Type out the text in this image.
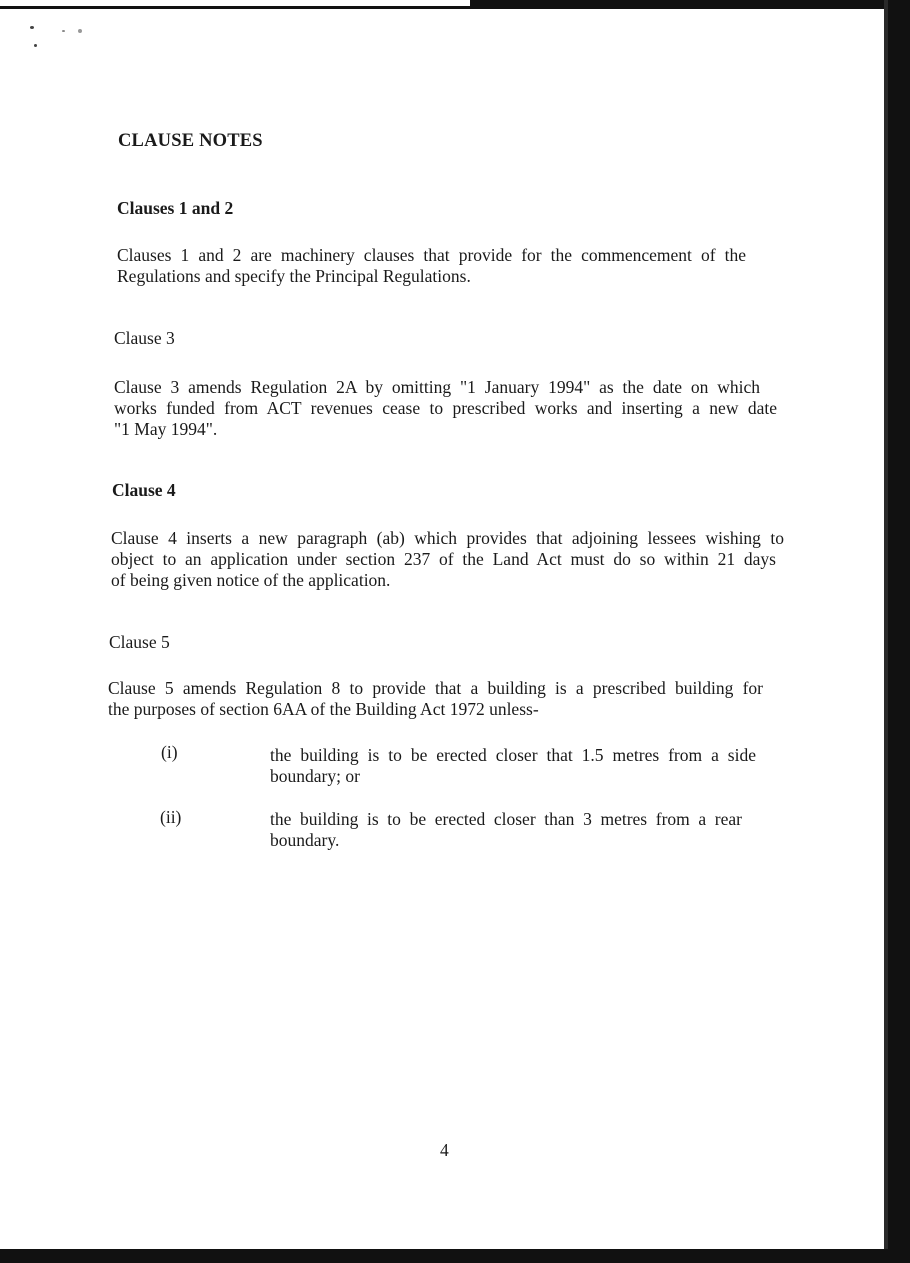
CLAUSE NOTES
Clauses 1 and 2
Clauses 1 and 2 are machinery clauses that provide for the commencement of the
Regulations and specify the Principal Regulations.
Clause 3
Clause 3 amends Regulation 2A by omitting "1 January 1994" as the date on which
works funded from ACT revenues cease to prescribed works and inserting a new date
"1 May 1994".
Clause 4
Clause 4 inserts a new paragraph (ab) which provides that adjoining lessees wishing to
object to an application under section 237 of the Land Act must do so within 21 days
of being given notice of the application.
Clause 5
Clause 5 amends Regulation 8 to provide that a building is a prescribed building for
the purposes of section 6AA of the Building Act 1972 unless-
(i)	the building is to be erected closer that 1.5 metres from a side
boundary; or
(ii)	the building is to be erected closer than 3 metres from a rear
boundary.
4
